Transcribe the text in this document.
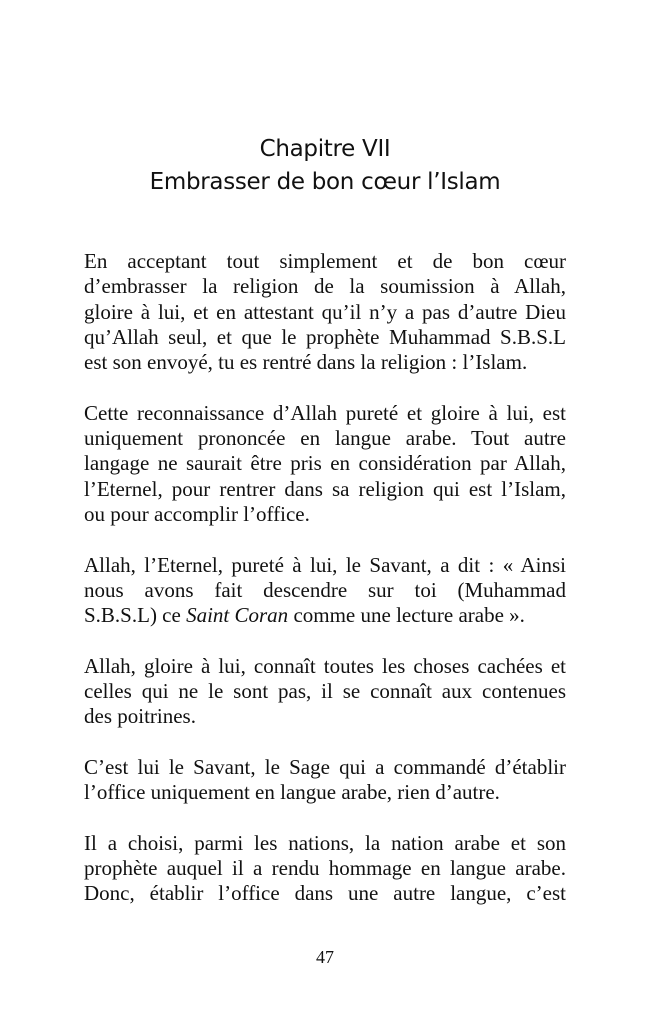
Chapitre VII
Embrasser de bon cœur l’Islam

En acceptant tout simplement et de bon cœur
d’embrasser la religion de la soumission à Allah,
gloire à lui, et en attestant qu’il n’y a pas d’autre Dieu
qu’Allah seul, et que le prophète Muhammad S.B.S.L
est son envoyé, tu es rentré dans la religion : l’Islam.

Cette reconnaissance d’Allah pureté et gloire à lui, est
uniquement prononcée en langue arabe. Tout autre
langage ne saurait être pris en considération par Allah,
l’Eternel, pour rentrer dans sa religion qui est l’Islam,
ou pour accomplir l’office.

Allah, l’Eternel, pureté à lui, le Savant, a dit : « Ainsi
nous avons fait descendre sur toi (Muhammad
S.B.S.L) ce Saint Coran comme une lecture arabe ».

Allah, gloire à lui, connaît toutes les choses cachées et
celles qui ne le sont pas, il se connaît aux contenues
des poitrines.

C’est lui le Savant, le Sage qui a commandé d’établir
l’office uniquement en langue arabe, rien d’autre.

Il a choisi, parmi les nations, la nation arabe et son
prophète auquel il a rendu hommage en langue arabe.
Donc, établir l’office dans une autre langue, c’est

47
